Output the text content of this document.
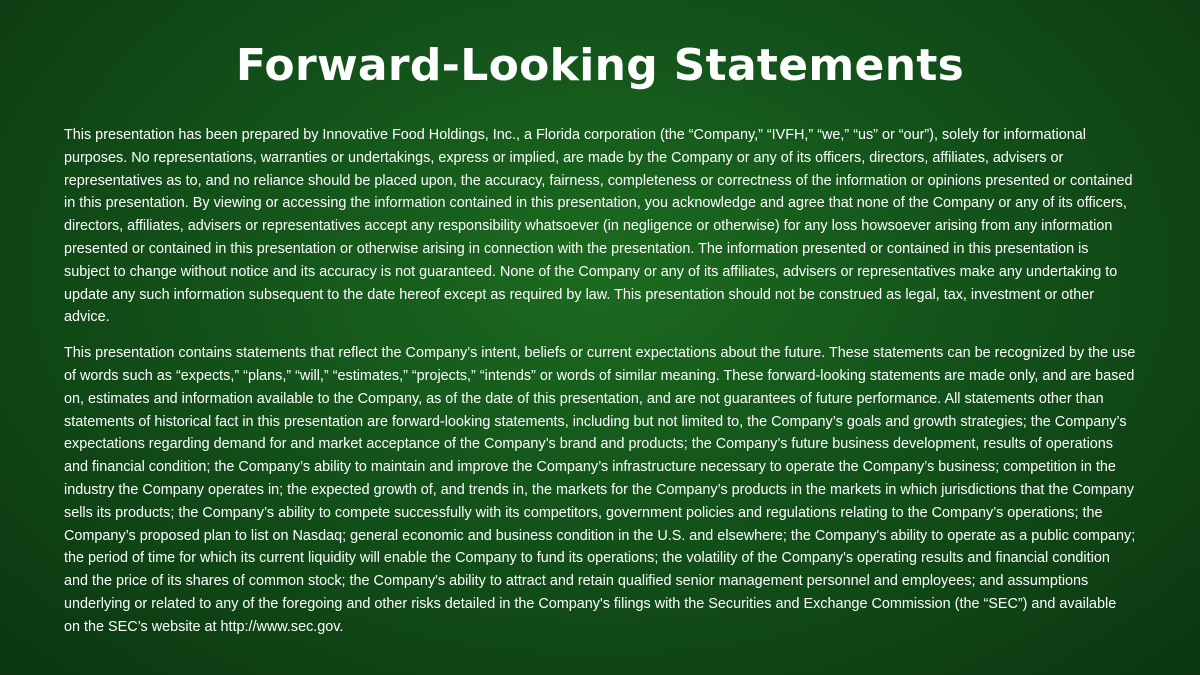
Forward-Looking Statements

This presentation has been prepared by Innovative Food Holdings, Inc., a Florida corporation (the “Company,” “IVFH,” “we,” “us” or “our”), solely for informational purposes. No representations, warranties or undertakings, express or implied, are made by the Company or any of its officers, directors, affiliates, advisers or representatives as to, and no reliance should be placed upon, the accuracy, fairness, completeness or correctness of the information or opinions presented or contained in this presentation. By viewing or accessing the information contained in this presentation, you acknowledge and agree that none of the Company or any of its officers, directors, affiliates, advisers or representatives accept any responsibility whatsoever (in negligence or otherwise) for any loss howsoever arising from any information presented or contained in this presentation or otherwise arising in connection with the presentation. The information presented or contained in this presentation is subject to change without notice and its accuracy is not guaranteed. None of the Company or any of its affiliates, advisers or representatives make any undertaking to update any such information subsequent to the date hereof except as required by law. This presentation should not be construed as legal, tax, investment or other advice.

This presentation contains statements that reflect the Company’s intent, beliefs or current expectations about the future. These statements can be recognized by the use of words such as “expects,” “plans,” “will,” “estimates,” “projects,” “intends” or words of similar meaning. These forward-looking statements are made only, and are based on, estimates and information available to the Company, as of the date of this presentation, and are not guarantees of future performance. All statements other than statements of historical fact in this presentation are forward-looking statements, including but not limited to, the Company’s goals and growth strategies; the Company’s expectations regarding demand for and market acceptance of the Company’s brand and products; the Company’s future business development, results of operations and financial condition; the Company’s ability to maintain and improve the Company’s infrastructure necessary to operate the Company’s business; competition in the industry the Company operates in; the expected growth of, and trends in, the markets for the Company’s products in the markets in which jurisdictions that the Company sells its products; the Company’s ability to compete successfully with its competitors, government policies and regulations relating to the Company’s operations; the Company’s proposed plan to list on Nasdaq; general economic and business condition in the U.S. and elsewhere; the Company's ability to operate as a public company; the period of time for which its current liquidity will enable the Company to fund its operations; the volatility of the Company's operating results and financial condition and the price of its shares of common stock; the Company's ability to attract and retain qualified senior management personnel and employees; and assumptions underlying or related to any of the foregoing and other risks detailed in the Company's filings with the Securities and Exchange Commission (the “SEC”) and available on the SEC’s website at http://www.sec.gov.
